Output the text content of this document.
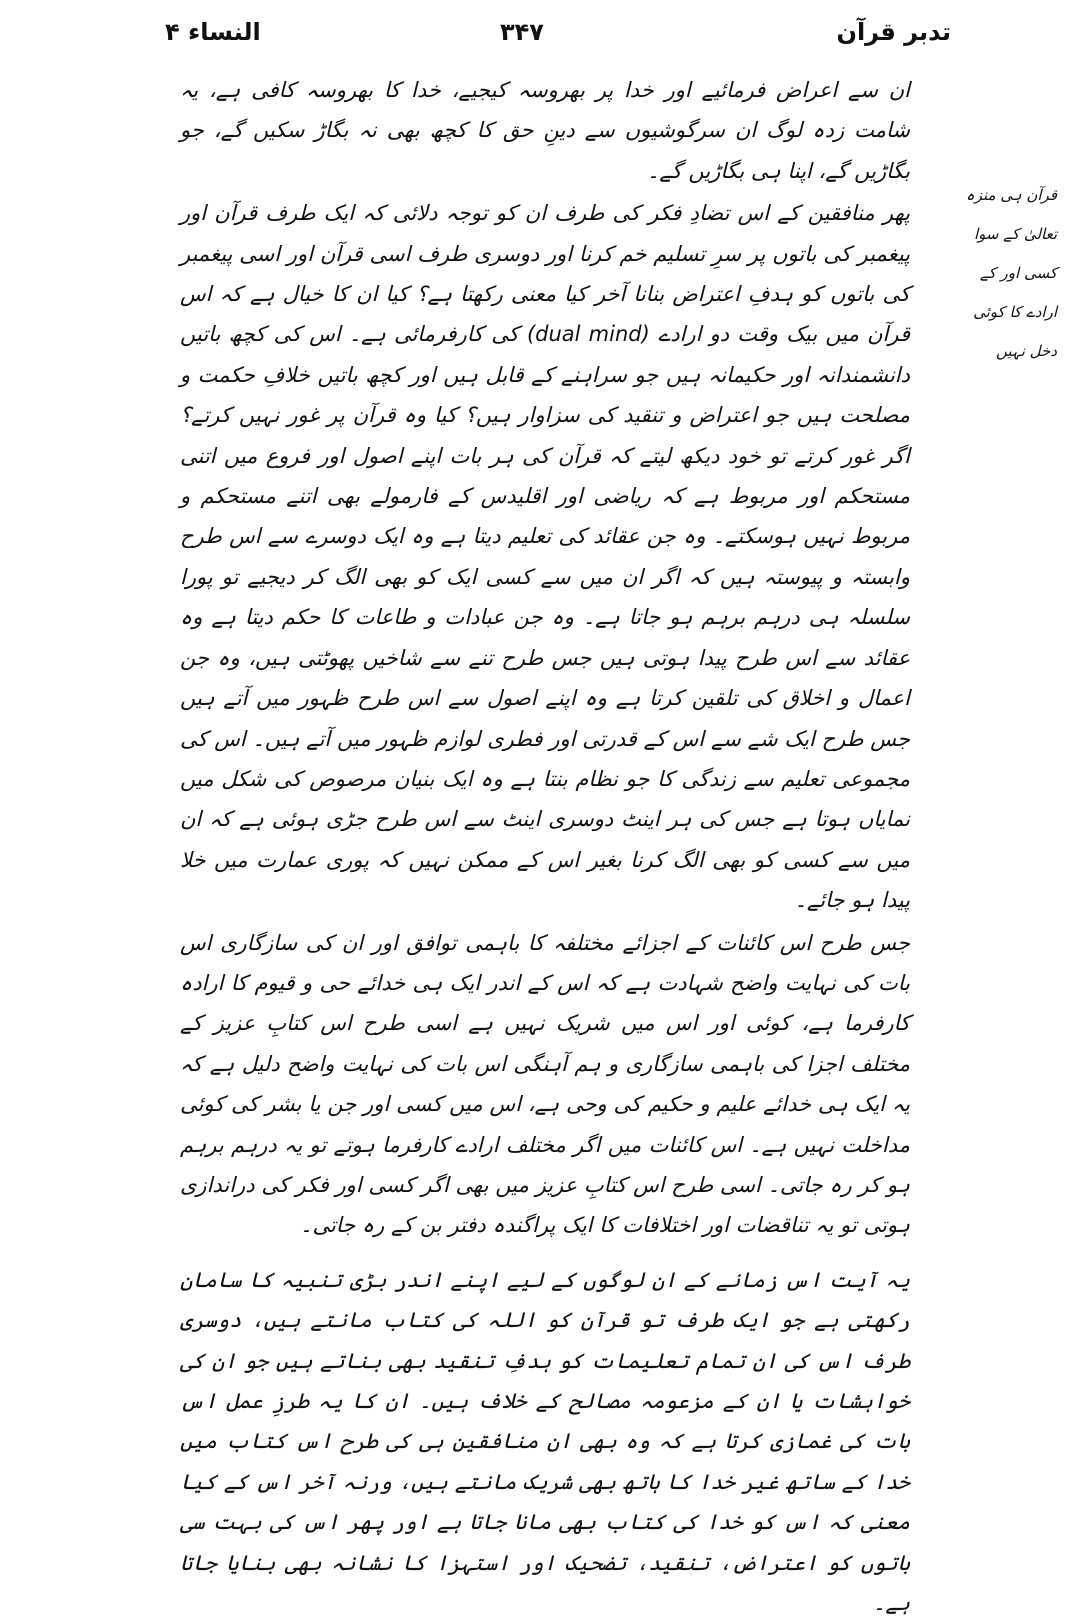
تدبر قرآن
۳۴۷
النساء ۴
قرآن ہی منزہ تعالیٰ کے سوا کسی اور کے ارادے کا کوئی دخل نہیں

ان سے اعراض فرمائیے اور خدا پر بھروسہ کیجیے، خدا کا بھروسہ کافی ہے، یہ شامت زدہ لوگ ان سرگوشیوں سے دینِ حق کا کچھ بھی نہ بگاڑ سکیں گے، جو بگاڑیں گے، اپنا ہی بگاڑیں گے۔

پھر منافقین کے اس تضادِ فکر کی طرف ان کو توجہ دلائی کہ ایک طرف قرآن اور پیغمبر کی باتوں پر سرِ تسلیم خم کرنا اور دوسری طرف اسی قرآن اور اسی پیغمبر کی باتوں کو ہدفِ اعتراض بنانا آخر کیا معنی رکھتا ہے؟ کیا ان کا خیال ہے کہ اس قرآن میں بیک وقت دو ارادے (dual mind) کی کارفرمائی ہے۔ اس کی کچھ باتیں دانشمندانہ اور حکیمانہ ہیں جو سراہنے کے قابل ہیں اور کچھ باتیں خلافِ حکمت و مصلحت ہیں جو اعتراض و تنقید کی سزاوار ہیں؟ کیا وہ قرآن پر غور نہیں کرتے؟ اگر غور کرتے تو خود دیکھ لیتے کہ قرآن کی ہر بات اپنے اصول اور فروع میں اتنی مستحکم اور مربوط ہے کہ ریاضی اور اقلیدس کے فارمولے بھی اتنے مستحکم و مربوط نہیں ہوسکتے۔ وہ جن عقائد کی تعلیم دیتا ہے وہ ایک دوسرے سے اس طرح وابستہ و پیوستہ ہیں کہ اگر ان میں سے کسی ایک کو بھی الگ کر دیجیے تو پورا سلسلہ ہی درہم برہم ہو جاتا ہے۔ وہ جن عبادات و طاعات کا حکم دیتا ہے وہ عقائد سے اس طرح پیدا ہوتی ہیں جس طرح تنے سے شاخیں پھوٹتی ہیں، وہ جن اعمال و اخلاق کی تلقین کرتا ہے وہ اپنے اصول سے اس طرح ظہور میں آتے ہیں جس طرح ایک شے سے اس کے قدرتی اور فطری لوازم ظہور میں آتے ہیں۔ اس کی مجموعی تعلیم سے زندگی کا جو نظام بنتا ہے وہ ایک بنیان مرصوص کی شکل میں نمایاں ہوتا ہے جس کی ہر اینٹ دوسری اینٹ سے اس طرح جڑی ہوئی ہے کہ ان میں سے کسی کو بھی الگ کرنا بغیر اس کے ممکن نہیں کہ پوری عمارت میں خلا پیدا ہو جائے۔

جس طرح اس کائنات کے اجزائے مختلفہ کا باہمی توافق اور ان کی سازگاری اس بات کی نہایت واضح شہادت ہے کہ اس کے اندر ایک ہی خدائے حی و قیوم کا ارادہ کارفرما ہے، کوئی اور اس میں شریک نہیں ہے اسی طرح اس کتابِ عزیز کے مختلف اجزا کی باہمی سازگاری و ہم آہنگی اس بات کی نہایت واضح دلیل ہے کہ یہ ایک ہی خدائے علیم و حکیم کی وحی ہے، اس میں کسی اور جن یا بشر کی کوئی مداخلت نہیں ہے۔ اس کائنات میں اگر مختلف ارادے کارفرما ہوتے تو یہ درہم برہم ہو کر رہ جاتی۔ اسی طرح اس کتابِ عزیز میں بھی اگر کسی اور فکر کی دراندازی ہوتی تو یہ تناقضات اور اختلافات کا ایک پراگندہ دفتر بن کے رہ جاتی۔

یہ آیت اس زمانے کے ان لوگوں کے لیے اپنے اندر بڑی تنبیہ کا سامان رکھتی ہے جو ایک طرف تو قرآن کو اللہ کی کتاب مانتے ہیں، دوسری طرف اس کی ان تمام تعلیمات کو ہدفِ تنقید بھی بناتے ہیں جو ان کی خواہشات یا ان کے مزعومہ مصالح کے خلاف ہیں۔ ان کا یہ طرزِ عمل اس بات کی غمازی کرتا ہے کہ وہ بھی ان منافقین ہی کی طرح اس کتاب میں خدا کے ساتھ غیر خدا کا ہاتھ بھی شریک مانتے ہیں، ورنہ آخر اس کے کیا معنی کہ اس کو خدا کی کتاب بھی مانا جاتا ہے اور پھر اس کی بہت سی باتوں کو اعتراض، تنقید، تضحیک اور استہزا کا نشانہ بھی بنایا جاتا ہے۔
